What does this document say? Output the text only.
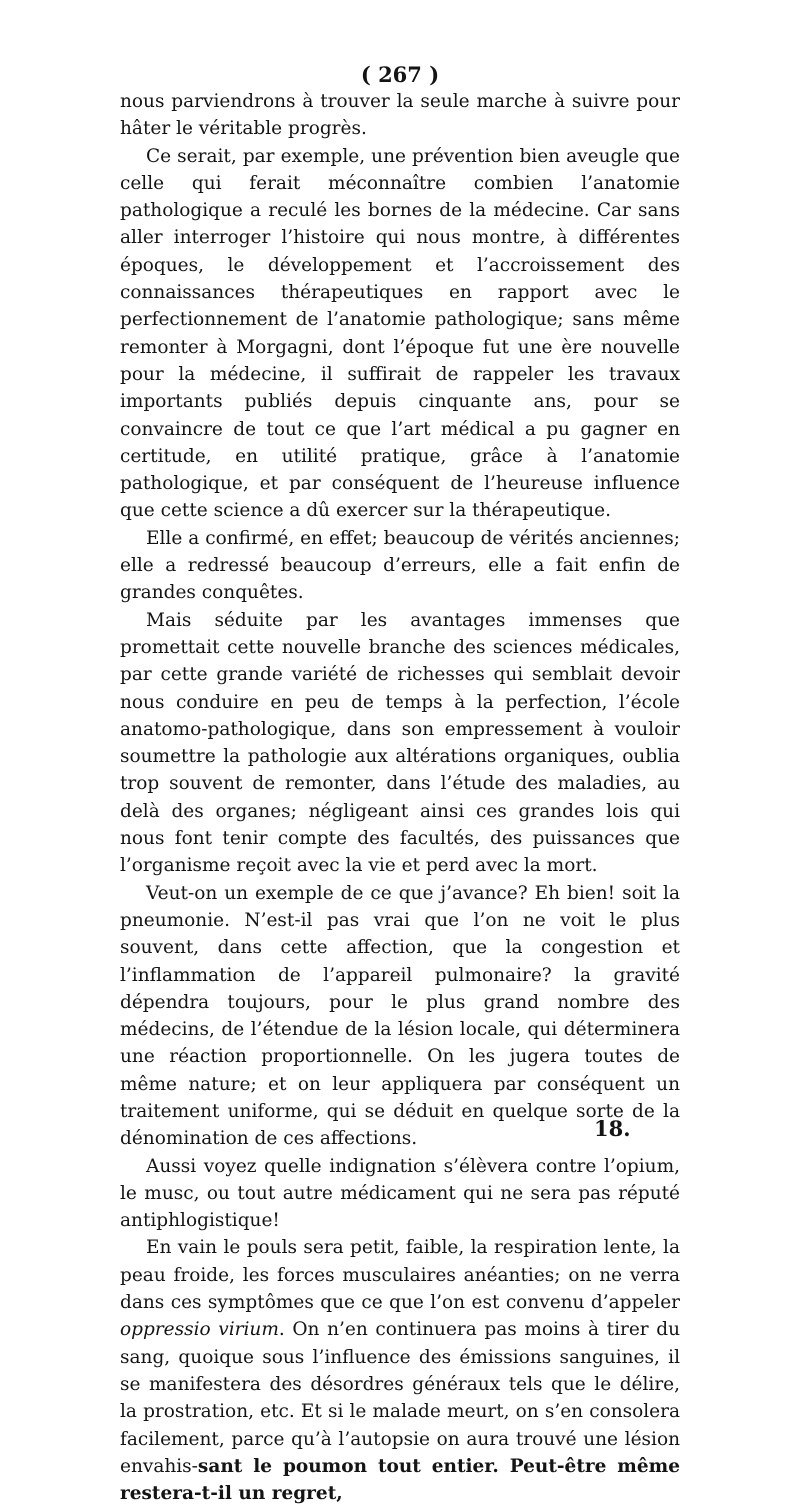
( 267 )

nous parviendrons à trouver la seule marche à suivre pour hâter le véritable progrès.

Ce serait, par exemple, une prévention bien aveugle que celle qui ferait méconnaître combien l’anatomie pathologique a reculé les bornes de la médecine. Car sans aller interroger l’histoire qui nous montre, à différentes époques, le développement et l’accroissement des connaissances thérapeutiques en rapport avec le perfectionnement de l’anatomie pathologique; sans même remonter à Morgagni, dont l’époque fut une ère nouvelle pour la médecine, il suffirait de rappeler les travaux importants publiés depuis cinquante ans, pour se convaincre de tout ce que l’art médical a pu gagner en certitude, en utilité pratique, grâce à l’anatomie pathologique, et par conséquent de l’heureuse influence que cette science a dû exercer sur la thérapeutique.

Elle a confirmé, en effet; beaucoup de vérités anciennes; elle a redressé beaucoup d’erreurs, elle a fait enfin de grandes conquêtes.

Mais séduite par les avantages immenses que promettait cette nouvelle branche des sciences médicales, par cette grande variété de richesses qui semblait devoir nous conduire en peu de temps à la perfection, l’école anatomo-pathologique, dans son empressement à vouloir soumettre la pathologie aux altérations organiques, oublia trop souvent de remonter, dans l’étude des maladies, au delà des organes; négligeant ainsi ces grandes lois qui nous font tenir compte des facultés, des puissances que l’organisme reçoit avec la vie et perd avec la mort.

Veut-on un exemple de ce que j’avance? Eh bien! soit la pneumonie. N’est-il pas vrai que l’on ne voit le plus souvent, dans cette affection, que la congestion et l’inflammation de l’appareil pulmonaire? la gravité dépendra toujours, pour le plus grand nombre des médecins, de l’étendue de la lésion locale, qui déterminera une réaction proportionnelle. On les jugera toutes de même nature; et on leur appliquera par conséquent un traitement uniforme, qui se déduit en quelque sorte de la dénomination de ces affections.

Aussi voyez quelle indignation s’élèvera contre l’opium, le musc, ou tout autre médicament qui ne sera pas réputé antiphlogistique!

En vain le pouls sera petit, faible, la respiration lente, la peau froide, les forces musculaires anéanties; on ne verra dans ces symptômes que ce que l’on est convenu d’appeler oppressio virium. On n’en continuera pas moins à tirer du sang, quoique sous l’influence des émissions sanguines, il se manifestera des désordres généraux tels que le délire, la prostration, etc. Et si le malade meurt, on s’en consolera facilement, parce qu’à l’autopsie on aura trouvé une lésion envahis-sant le poumon tout entier. Peut-être même restera-t-il un regret,

18.
